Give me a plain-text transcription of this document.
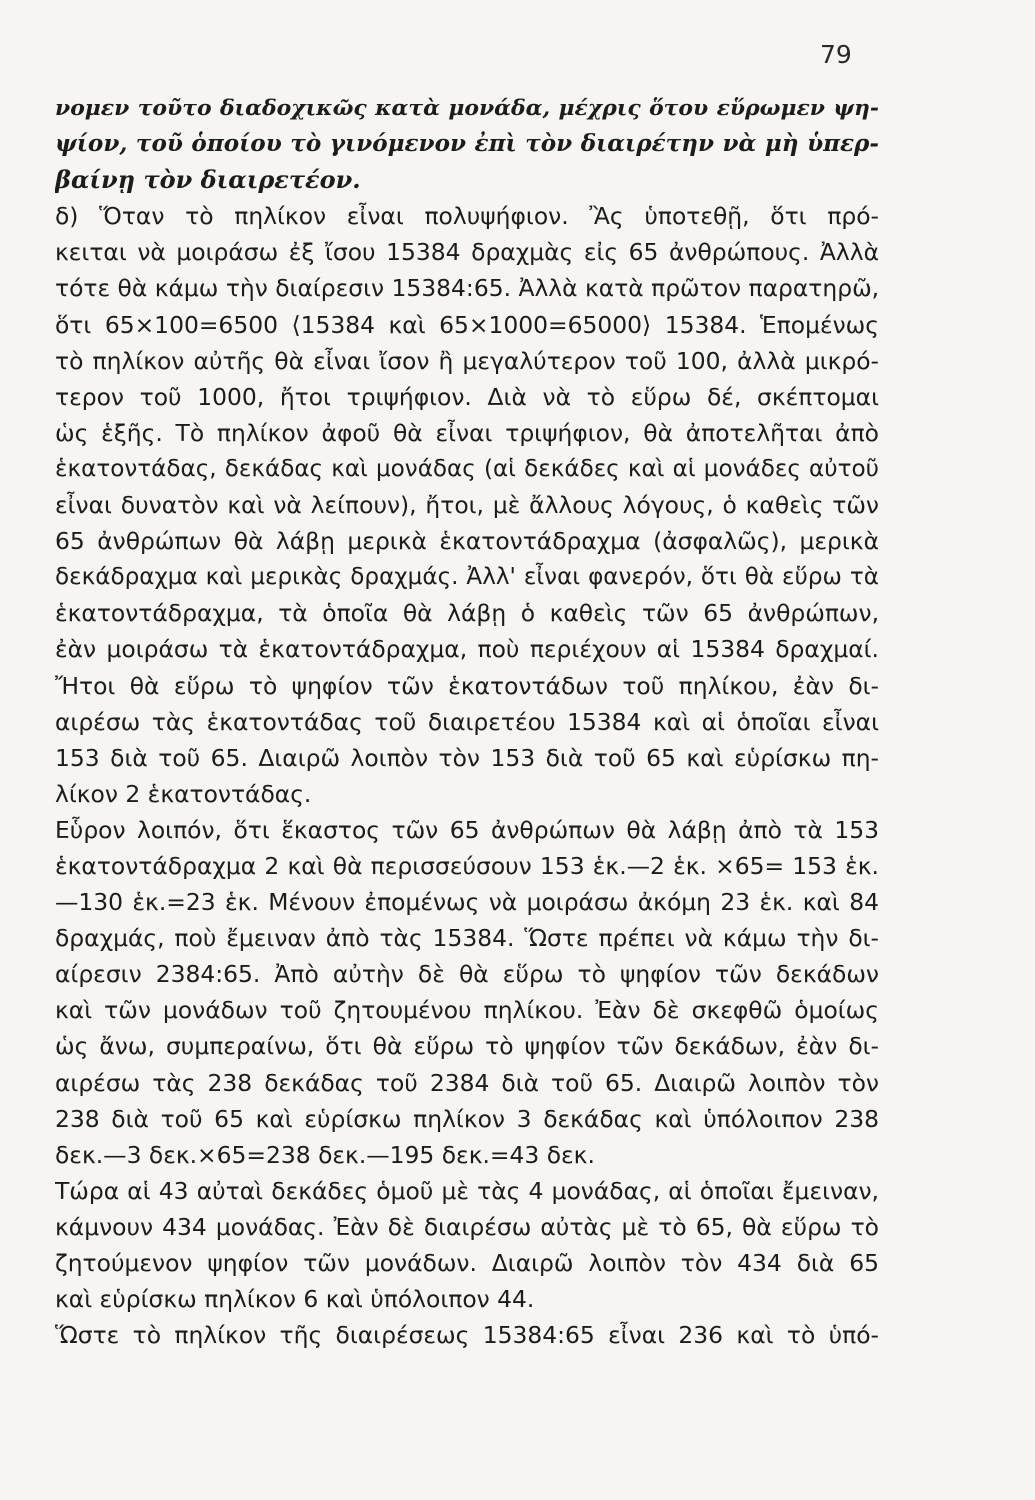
79
νομεν τοῦτο διαδοχικῶς κατὰ μονάδα, μέχρις ὅτου εὕρωμεν ψη-
ψίον, τοῦ ὁποίου τὸ γινόμενον ἐπὶ τὸν διαιρέτην νὰ μὴ ὑπερ-
βαίνῃ τὸν διαιρετέον.
δ) Ὅταν τὸ πηλίκον εἶναι πολυψήφιον. Ἂς ὑποτεθῇ, ὅτι πρό-
κειται νὰ μοιράσω ἐξ ἴσου 15384 δραχμὰς εἰς 65 ἀνθρώπους. Ἀλλὰ
τότε θὰ κάμω τὴν διαίρεσιν 15384:65. Ἀλλὰ κατὰ πρῶτον παρατηρῶ,
ὅτι 65×100=6500 ⟨15384 καὶ 65×1000=65000⟩ 15384. Ἑπομένως
τὸ πηλίκον αὐτῆς θὰ εἶναι ἴσον ἢ μεγαλύτερον τοῦ 100, ἀλλὰ μικρό-
τερον τοῦ 1000, ἤτοι τριψήφιον. Διὰ νὰ τὸ εὕρω δέ, σκέπτομαι
ὡς ἑξῆς. Τὸ πηλίκον ἀφοῦ θὰ εἶναι τριψήφιον, θὰ ἀποτελῆται ἀπὸ
ἑκατοντάδας, δεκάδας καὶ μονάδας (αἱ δεκάδες καὶ αἱ μονάδες αὐτοῦ
εἶναι δυνατὸν καὶ νὰ λείπουν), ἤτοι, μὲ ἄλλους λόγους, ὁ καθεὶς τῶν
65 ἀνθρώπων θὰ λάβῃ μερικὰ ἑκατοντάδραχμα (ἀσφαλῶς), μερικὰ
δεκάδραχμα καὶ μερικὰς δραχμάς. Ἀλλ' εἶναι φανερόν, ὅτι θὰ εὕρω τὰ
ἑκατοντάδραχμα, τὰ ὁποῖα θὰ λάβῃ ὁ καθεὶς τῶν 65 ἀνθρώπων,
ἐὰν μοιράσω τὰ ἑκατοντάδραχμα, ποὺ περιέχουν αἱ 15384 δραχμαί.
Ἤτοι θὰ εὕρω τὸ ψηφίον τῶν ἑκατοντάδων τοῦ πηλίκου, ἐὰν δι-
αιρέσω τὰς ἑκατοντάδας τοῦ διαιρετέου 15384 καὶ αἱ ὁποῖαι εἶναι
153 διὰ τοῦ 65. Διαιρῶ λοιπὸν τὸν 153 διὰ τοῦ 65 καὶ εὑρίσκω πη-
λίκον 2 ἑκατοντάδας.
Εὗρον λοιπόν, ὅτι ἕκαστος τῶν 65 ἀνθρώπων θὰ λάβῃ ἀπὸ τὰ 153
ἑκατοντάδραχμα 2 καὶ θὰ περισσεύσουν 153 ἑκ.—2 ἑκ. ×65= 153 ἑκ.
—130 ἑκ.=23 ἑκ. Μένουν ἐπομένως νὰ μοιράσω ἀκόμη 23 ἑκ. καὶ 84
δραχμάς, ποὺ ἔμειναν ἀπὸ τὰς 15384. Ὥστε πρέπει νὰ κάμω τὴν δι-
αίρεσιν 2384:65. Ἀπὸ αὐτὴν δὲ θὰ εὕρω τὸ ψηφίον τῶν δεκάδων
καὶ τῶν μονάδων τοῦ ζητουμένου πηλίκου. Ἐὰν δὲ σκεφθῶ ὁμοίως
ὡς ἄνω, συμπεραίνω, ὅτι θὰ εὕρω τὸ ψηφίον τῶν δεκάδων, ἐὰν δι-
αιρέσω τὰς 238 δεκάδας τοῦ 2384 διὰ τοῦ 65. Διαιρῶ λοιπὸν τὸν
238 διὰ τοῦ 65 καὶ εὑρίσκω πηλίκον 3 δεκάδας καὶ ὑπόλοιπον 238
δεκ.—3 δεκ.×65=238 δεκ.—195 δεκ.=43 δεκ.
Τώρα αἱ 43 αὐταὶ δεκάδες ὁμοῦ μὲ τὰς 4 μονάδας, αἱ ὁποῖαι ἔμειναν,
κάμνουν 434 μονάδας. Ἐὰν δὲ διαιρέσω αὐτὰς μὲ τὸ 65, θὰ εὕρω τὸ
ζητούμενον ψηφίον τῶν μονάδων. Διαιρῶ λοιπὸν τὸν 434 διὰ 65
καὶ εὑρίσκω πηλίκον 6 καὶ ὑπόλοιπον 44.
Ὥστε τὸ πηλίκον τῆς διαιρέσεως 15384:65 εἶναι 236 καὶ τὸ ὑπό-
